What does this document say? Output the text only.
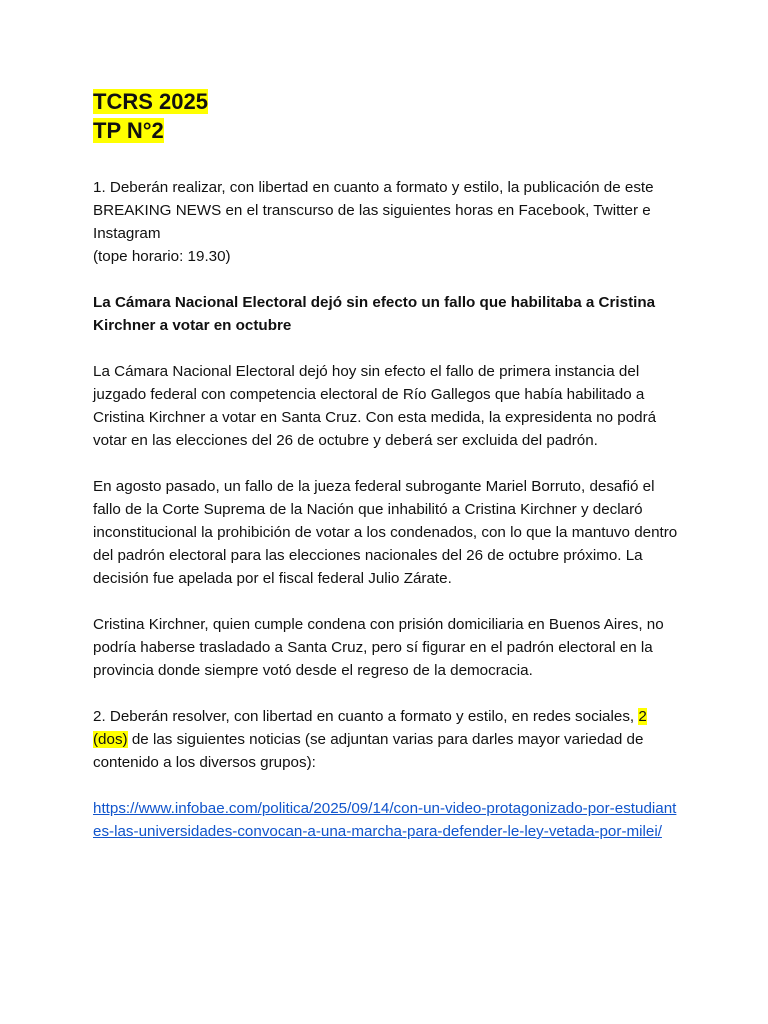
TCRS 2025
TP N°2

1. Deberán realizar, con libertad en cuanto a formato y estilo, la publicación de este BREAKING NEWS en el transcurso de las siguientes horas en Facebook, Twitter e Instagram
(tope horario: 19.30)

La Cámara Nacional Electoral dejó sin efecto un fallo que habilitaba a Cristina Kirchner a votar en octubre

La Cámara Nacional Electoral dejó hoy sin efecto el fallo de primera instancia del juzgado federal con competencia electoral de Río Gallegos que había habilitado a Cristina Kirchner a votar en Santa Cruz. Con esta medida, la expresidenta no podrá votar en las elecciones del 26 de octubre y deberá ser excluida del padrón.

En agosto pasado, un fallo de la jueza federal subrogante Mariel Borruto, desafió el fallo de la Corte Suprema de la Nación que inhabilitó a Cristina Kirchner y declaró inconstitucional la prohibición de votar a los condenados, con lo que la mantuvo dentro del padrón electoral para las elecciones nacionales del 26 de octubre próximo. La decisión fue apelada por el fiscal federal Julio Zárate.

Cristina Kirchner, quien cumple condena con prisión domiciliaria en Buenos Aires, no podría haberse trasladado a Santa Cruz, pero sí figurar en el padrón electoral en la provincia donde siempre votó desde el regreso de la democracia.

2. Deberán resolver, con libertad en cuanto a formato y estilo, en redes sociales, 2 (dos) de las siguientes noticias (se adjuntan varias para darles mayor variedad de contenido a los diversos grupos):

https://www.infobae.com/politica/2025/09/14/con-un-video-protagonizado-por-estudiantes-las-universidades-convocan-a-una-marcha-para-defender-le-ley-vetada-por-milei/
